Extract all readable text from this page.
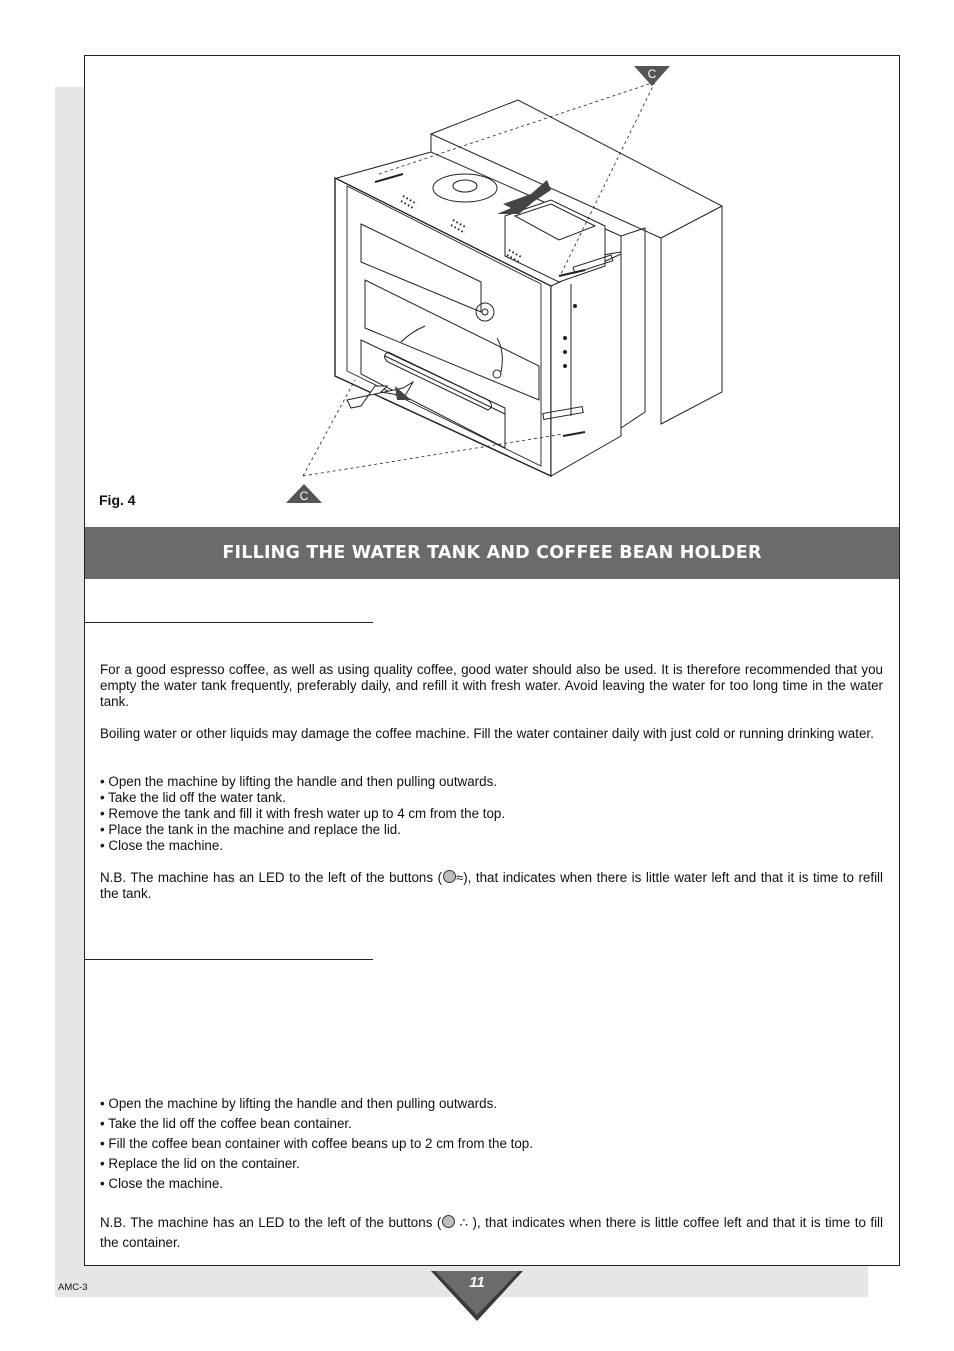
C
C
Fig. 4
FILLING THE WATER TANK AND COFFEE BEAN HOLDER
For a good espresso coffee, as well as using quality coffee, good water should also be used. It is therefore recommended that you empty the water tank frequently, preferably daily, and refill it with fresh water. Avoid leaving the water for too long time in the water tank.
Boiling water or other liquids may damage the coffee machine. Fill the water container daily with just cold or running drinking water.
• Open the machine by lifting the handle and then pulling outwards.
• Take the lid off the water tank.
• Remove the tank and fill it with fresh water up to 4 cm from the top.
• Place the tank in the machine and replace the lid.
• Close the machine.
N.B. The machine has an LED to the left of the buttons ( ≈), that indicates when there is little water left and that it is time to refill the tank.
• Open the machine by lifting the handle and then pulling outwards.
• Take the lid off the coffee bean container.
• Fill the coffee bean container with coffee beans up to 2 cm from the top.
• Replace the lid on the container.
• Close the machine.
N.B. The machine has an LED to the left of the buttons ( ∴ ), that indicates when there is little coffee left and that it is time to fill the container.
11
AMC-3
